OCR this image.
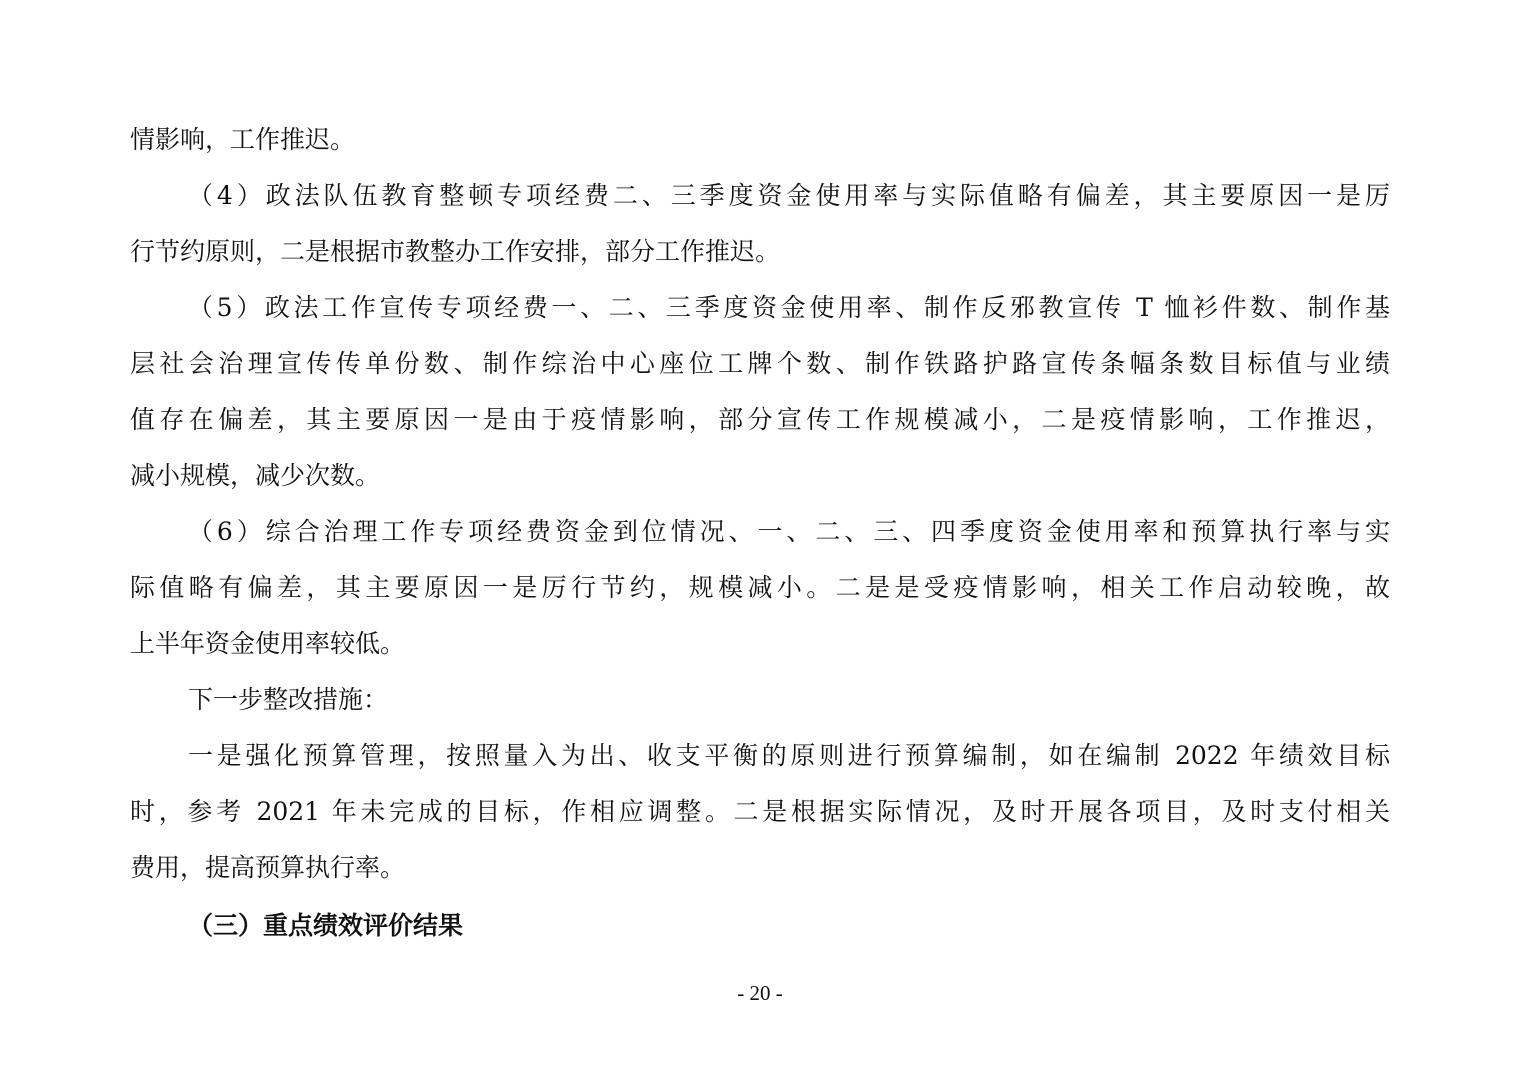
情影响，工作推迟。
（4）政法队伍教育整顿专项经费二、三季度资金使用率与实际值略有偏差，其主要原因一是厉
行节约原则，二是根据市教整办工作安排，部分工作推迟。
（5）政法工作宣传专项经费一、二、三季度资金使用率、制作反邪教宣传 T 恤衫件数、制作基
层社会治理宣传传单份数、制作综治中心座位工牌个数、制作铁路护路宣传条幅条数目标值与业绩
值存在偏差，其主要原因一是由于疫情影响，部分宣传工作规模减小，二是疫情影响，工作推迟，
减小规模，减少次数。
（6）综合治理工作专项经费资金到位情况、一、二、三、四季度资金使用率和预算执行率与实
际值略有偏差，其主要原因一是厉行节约，规模减小。二是是受疫情影响，相关工作启动较晚，故
上半年资金使用率较低。
下一步整改措施：
一是强化预算管理，按照量入为出、收支平衡的原则进行预算编制，如在编制 2022 年绩效目标
时，参考 2021 年未完成的目标，作相应调整。二是根据实际情况，及时开展各项目，及时支付相关
费用，提高预算执行率。
（三）重点绩效评价结果
- 20 -
